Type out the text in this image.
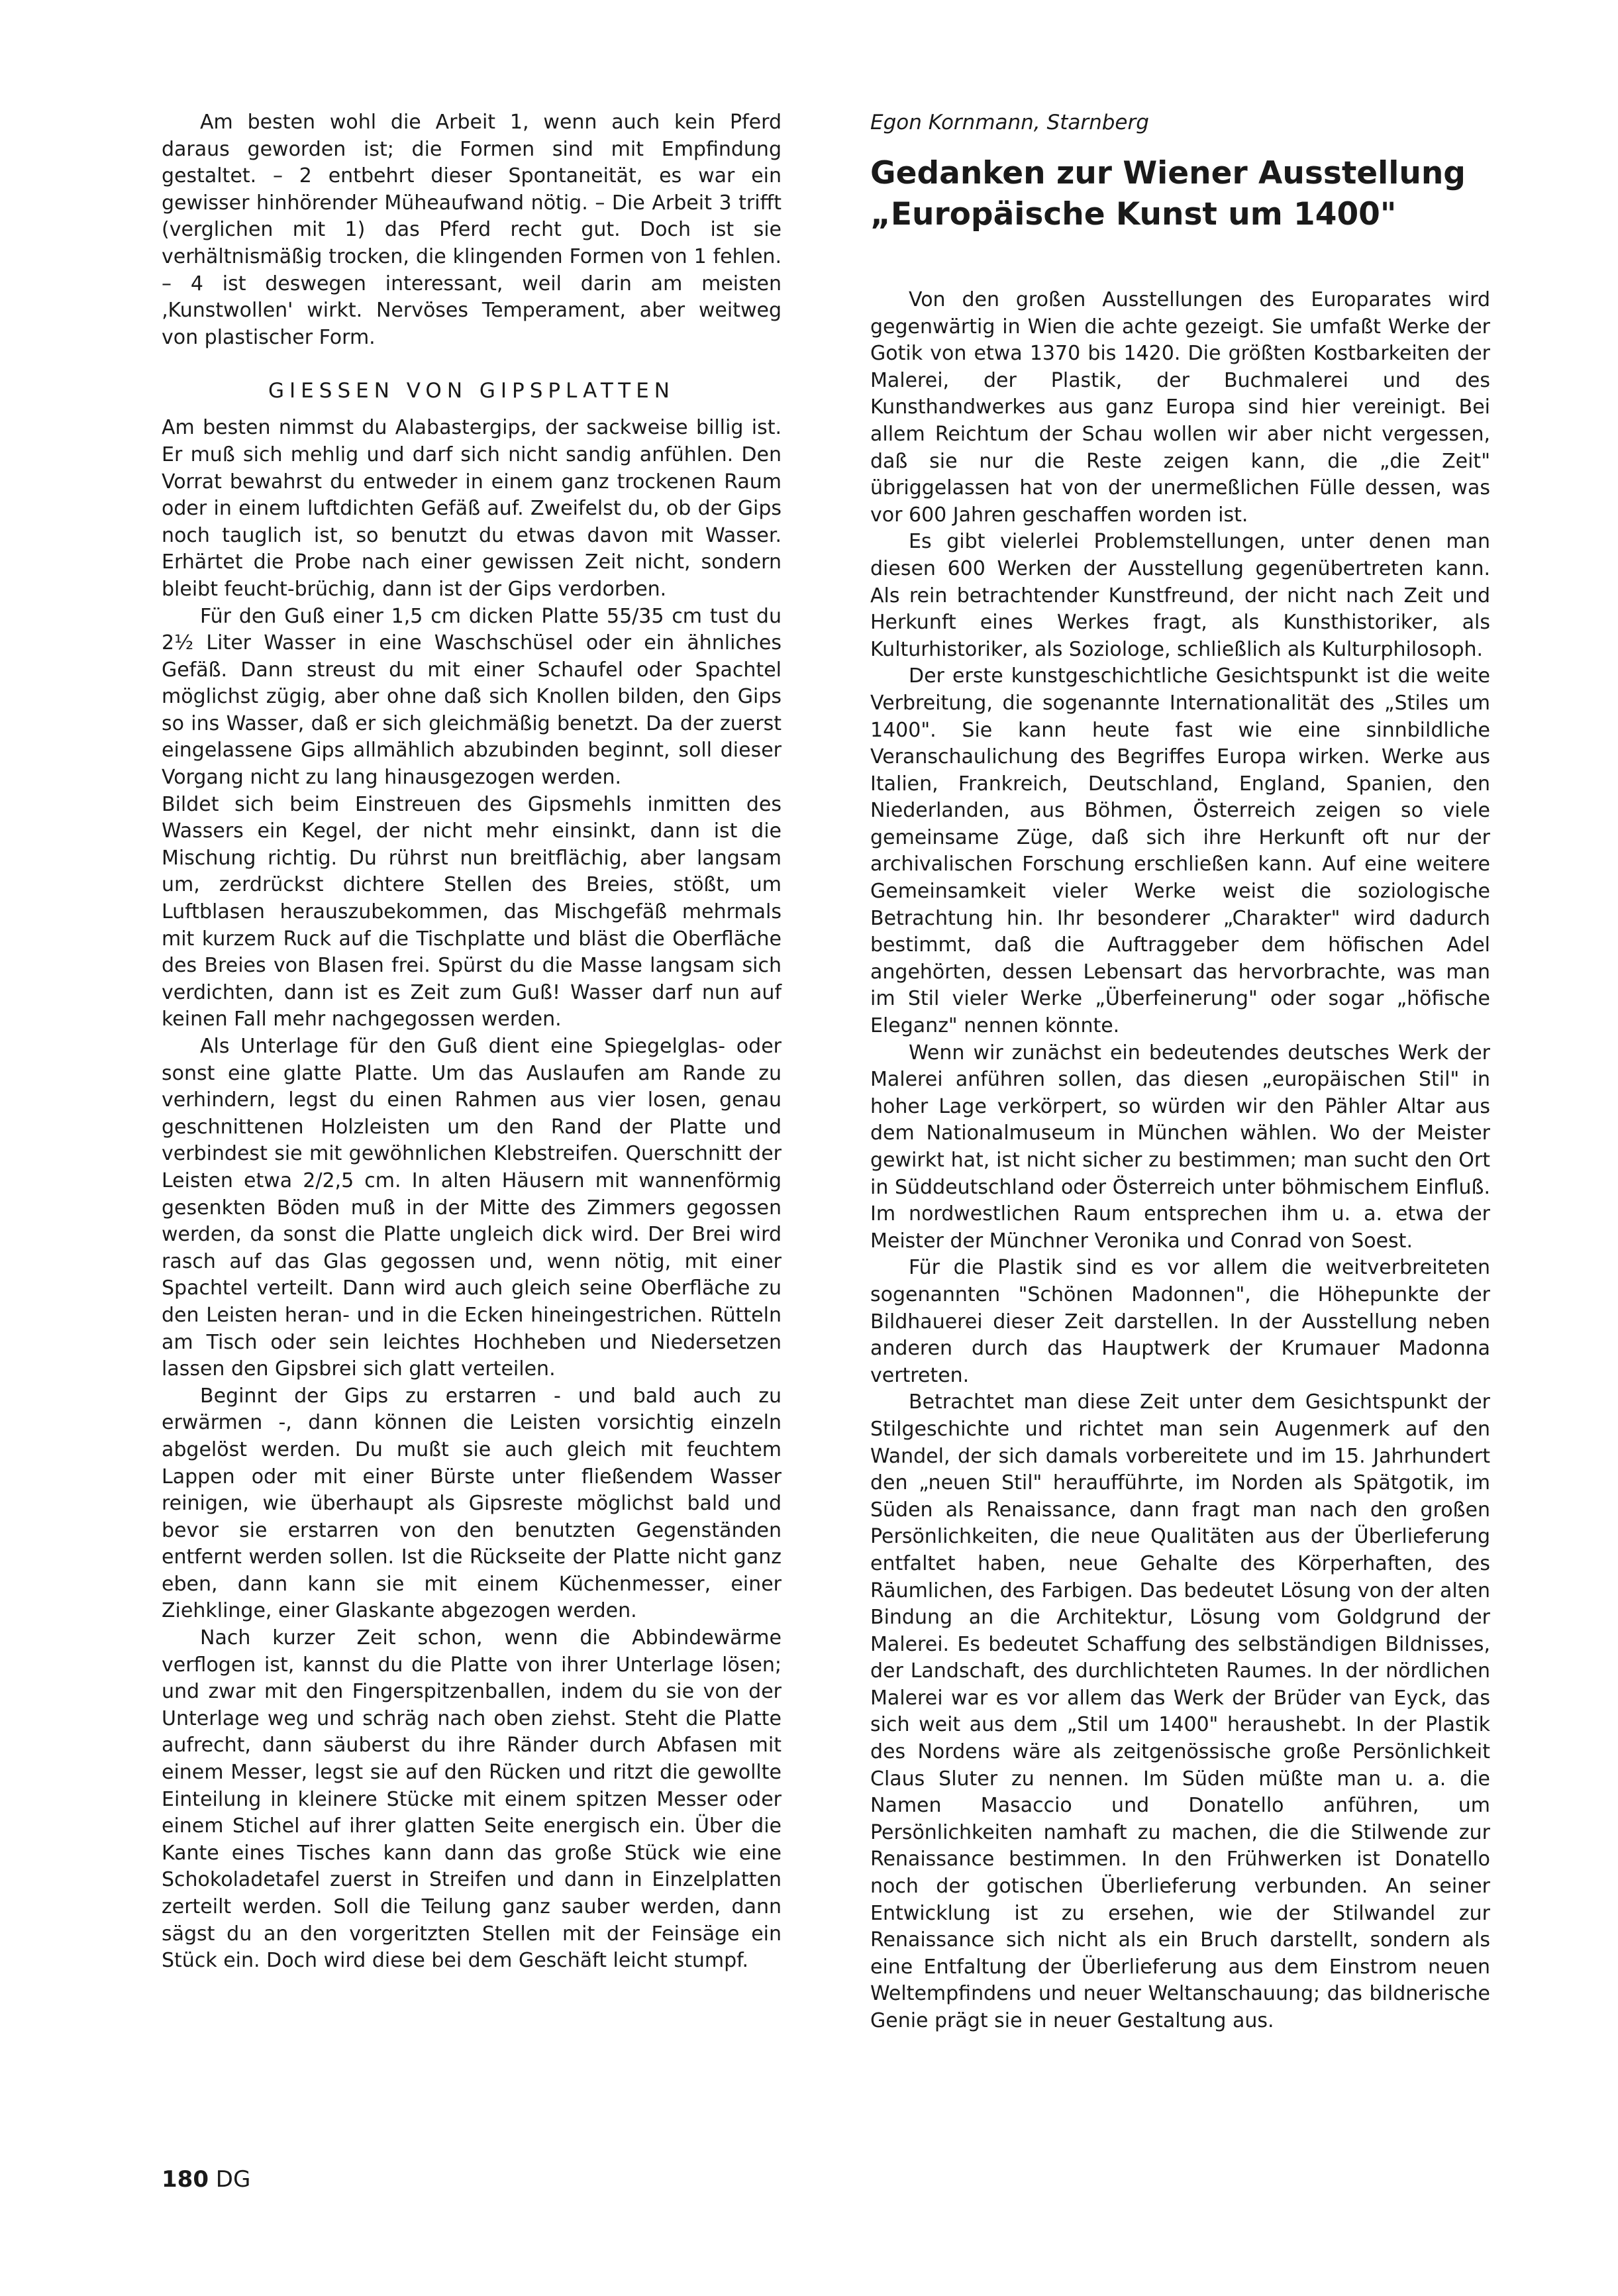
Am besten wohl die Arbeit 1, wenn auch kein Pferd daraus geworden ist; die Formen sind mit Empfindung gestaltet. – 2 entbehrt dieser Spontaneität, es war ein gewisser hinhörender Müheaufwand nötig. – Die Arbeit 3 trifft (verglichen mit 1) das Pferd recht gut. Doch ist sie verhältnismäßig trocken, die klingenden Formen von 1 fehlen. – 4 ist deswegen interessant, weil darin am meisten ‚Kunstwollen' wirkt. Nervöses Temperament, aber weitweg von plastischer Form.

GIESSEN VON GIPSPLATTEN

Am besten nimmst du Alabastergips, der sackweise billig ist. Er muß sich mehlig und darf sich nicht sandig anfühlen. Den Vorrat bewahrst du entweder in einem ganz trockenen Raum oder in einem luftdichten Gefäß auf. Zweifelst du, ob der Gips noch tauglich ist, so benutzt du etwas davon mit Wasser. Erhärtet die Probe nach einer gewissen Zeit nicht, sondern bleibt feucht-brüchig, dann ist der Gips verdorben.

Für den Guß einer 1,5 cm dicken Platte 55/35 cm tust du 2½ Liter Wasser in eine Waschschüsel oder ein ähnliches Gefäß. Dann streust du mit einer Schaufel oder Spachtel möglichst zügig, aber ohne daß sich Knollen bilden, den Gips so ins Wasser, daß er sich gleichmäßig benetzt. Da der zuerst eingelassene Gips allmählich abzubinden beginnt, soll dieser Vorgang nicht zu lang hinausgezogen werden.

Bildet sich beim Einstreuen des Gipsmehls inmitten des Wassers ein Kegel, der nicht mehr einsinkt, dann ist die Mischung richtig. Du rührst nun breitflächig, aber langsam um, zerdrückst dichtere Stellen des Breies, stößt, um Luftblasen herauszubekommen, das Mischgefäß mehrmals mit kurzem Ruck auf die Tischplatte und bläst die Oberfläche des Breies von Blasen frei. Spürst du die Masse langsam sich verdichten, dann ist es Zeit zum Guß! Wasser darf nun auf keinen Fall mehr nachgegossen werden.

Als Unterlage für den Guß dient eine Spiegelglas- oder sonst eine glatte Platte. Um das Auslaufen am Rande zu verhindern, legst du einen Rahmen aus vier losen, genau geschnittenen Holzleisten um den Rand der Platte und verbindest sie mit gewöhnlichen Klebstreifen. Querschnitt der Leisten etwa 2/2,5 cm. In alten Häusern mit wannenförmig gesenkten Böden muß in der Mitte des Zimmers gegossen werden, da sonst die Platte ungleich dick wird. Der Brei wird rasch auf das Glas gegossen und, wenn nötig, mit einer Spachtel verteilt. Dann wird auch gleich seine Oberfläche zu den Leisten heran- und in die Ecken hineingestrichen. Rütteln am Tisch oder sein leichtes Hochheben und Niedersetzen lassen den Gipsbrei sich glatt verteilen.

Beginnt der Gips zu erstarren - und bald auch zu erwärmen -, dann können die Leisten vorsichtig einzeln abgelöst werden. Du mußt sie auch gleich mit feuchtem Lappen oder mit einer Bürste unter fließendem Wasser reinigen, wie überhaupt als Gipsreste möglichst bald und bevor sie erstarren von den benutzten Gegenständen entfernt werden sollen. Ist die Rückseite der Platte nicht ganz eben, dann kann sie mit einem Küchenmesser, einer Ziehklinge, einer Glaskante abgezogen werden.

Nach kurzer Zeit schon, wenn die Abbindewärme verflogen ist, kannst du die Platte von ihrer Unterlage lösen; und zwar mit den Fingerspitzenballen, indem du sie von der Unterlage weg und schräg nach oben ziehst. Steht die Platte aufrecht, dann säuberst du ihre Ränder durch Abfasen mit einem Messer, legst sie auf den Rücken und ritzt die gewollte Einteilung in kleinere Stücke mit einem spitzen Messer oder einem Stichel auf ihrer glatten Seite energisch ein. Über die Kante eines Tisches kann dann das große Stück wie eine Schokoladetafel zuerst in Streifen und dann in Einzelplatten zerteilt werden. Soll die Teilung ganz sauber werden, dann sägst du an den vorgeritzten Stellen mit der Feinsäge ein Stück ein. Doch wird diese bei dem Geschäft leicht stumpf.

Egon Kornmann, Starnberg
Gedanken zur Wiener Ausstellung
„Europäische Kunst um 1400"

Von den großen Ausstellungen des Europarates wird gegenwärtig in Wien die achte gezeigt. Sie umfaßt Werke der Gotik von etwa 1370 bis 1420. Die größten Kostbarkeiten der Malerei, der Plastik, der Buchmalerei und des Kunsthandwerkes aus ganz Europa sind hier vereinigt. Bei allem Reichtum der Schau wollen wir aber nicht vergessen, daß sie nur die Reste zeigen kann, die „die Zeit" übriggelassen hat von der unermeßlichen Fülle dessen, was vor 600 Jahren geschaffen worden ist.

Es gibt vielerlei Problemstellungen, unter denen man diesen 600 Werken der Ausstellung gegenübertreten kann. Als rein betrachtender Kunstfreund, der nicht nach Zeit und Herkunft eines Werkes fragt, als Kunsthistoriker, als Kulturhistoriker, als Soziologe, schließlich als Kulturphilosoph.

Der erste kunstgeschichtliche Gesichtspunkt ist die weite Verbreitung, die sogenannte Internationalität des „Stiles um 1400". Sie kann heute fast wie eine sinnbildliche Veranschaulichung des Begriffes Europa wirken. Werke aus Italien, Frankreich, Deutschland, England, Spanien, den Niederlanden, aus Böhmen, Österreich zeigen so viele gemeinsame Züge, daß sich ihre Herkunft oft nur der archivalischen Forschung erschließen kann. Auf eine weitere Gemeinsamkeit vieler Werke weist die soziologische Betrachtung hin. Ihr besonderer „Charakter" wird dadurch bestimmt, daß die Auftraggeber dem höfischen Adel angehörten, dessen Lebensart das hervorbrachte, was man im Stil vieler Werke „Überfeinerung" oder sogar „höfische Eleganz" nennen könnte.

Wenn wir zunächst ein bedeutendes deutsches Werk der Malerei anführen sollen, das diesen „europäischen Stil" in hoher Lage verkörpert, so würden wir den Pähler Altar aus dem Nationalmuseum in München wählen. Wo der Meister gewirkt hat, ist nicht sicher zu bestimmen; man sucht den Ort in Süddeutschland oder Österreich unter böhmischem Einfluß. Im nordwestlichen Raum entsprechen ihm u. a. etwa der Meister der Münchner Veronika und Conrad von Soest.

Für die Plastik sind es vor allem die weitverbreiteten sogenannten "Schönen Madonnen", die Höhepunkte der Bildhauerei dieser Zeit darstellen. In der Ausstellung neben anderen durch das Hauptwerk der Krumauer Madonna vertreten.

Betrachtet man diese Zeit unter dem Gesichtspunkt der Stilgeschichte und richtet man sein Augenmerk auf den Wandel, der sich damals vorbereitete und im 15. Jahrhundert den „neuen Stil" heraufführte, im Norden als Spätgotik, im Süden als Renaissance, dann fragt man nach den großen Persönlichkeiten, die neue Qualitäten aus der Überlieferung entfaltet haben, neue Gehalte des Körperhaften, des Räumlichen, des Farbigen. Das bedeutet Lösung von der alten Bindung an die Architektur, Lösung vom Goldgrund der Malerei. Es bedeutet Schaffung des selbständigen Bildnisses, der Landschaft, des durchlichteten Raumes. In der nördlichen Malerei war es vor allem das Werk der Brüder van Eyck, das sich weit aus dem „Stil um 1400" heraushebt. In der Plastik des Nordens wäre als zeitgenössische große Persönlichkeit Claus Sluter zu nennen. Im Süden müßte man u. a. die Namen Masaccio und Donatello anführen, um Persönlichkeiten namhaft zu machen, die die Stilwende zur Renaissance bestimmen. In den Frühwerken ist Donatello noch der gotischen Überlieferung verbunden. An seiner Entwicklung ist zu ersehen, wie der Stilwandel zur Renaissance sich nicht als ein Bruch darstellt, sondern als eine Entfaltung der Überlieferung aus dem Einstrom neuen Weltempfindens und neuer Weltanschauung; das bildnerische Genie prägt sie in neuer Gestaltung aus.

180 DG
